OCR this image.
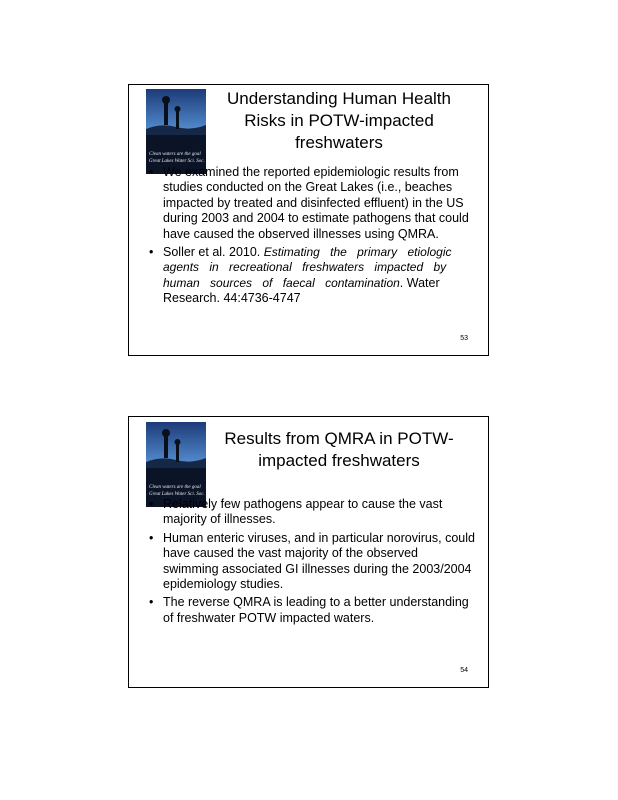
Clean waters are the goal
Great Lakes Water Sci. Soc.
Understanding Human Health Risks in POTW-impacted freshwaters
• We examined the reported epidemiologic results from studies conducted on the Great Lakes (i.e., beaches impacted by treated and disinfected effluent) in the US during 2003 and 2004 to estimate pathogens that could have caused the observed illnesses using QMRA.
• Soller et al. 2010. Estimating the primary etiologic agents in recreational freshwaters impacted by human sources of faecal contamination. Water Research. 44:4736-4747
53
Clean waters are the goal
Great Lakes Water Sci. Soc.
Results from QMRA in POTW-impacted freshwaters
• Relatively few pathogens appear to cause the vast majority of illnesses.
• Human enteric viruses, and in particular norovirus, could have caused the vast majority of the observed swimming associated GI illnesses during the 2003/2004 epidemiology studies.
• The reverse QMRA is leading to a better understanding of freshwater POTW impacted waters.
54
